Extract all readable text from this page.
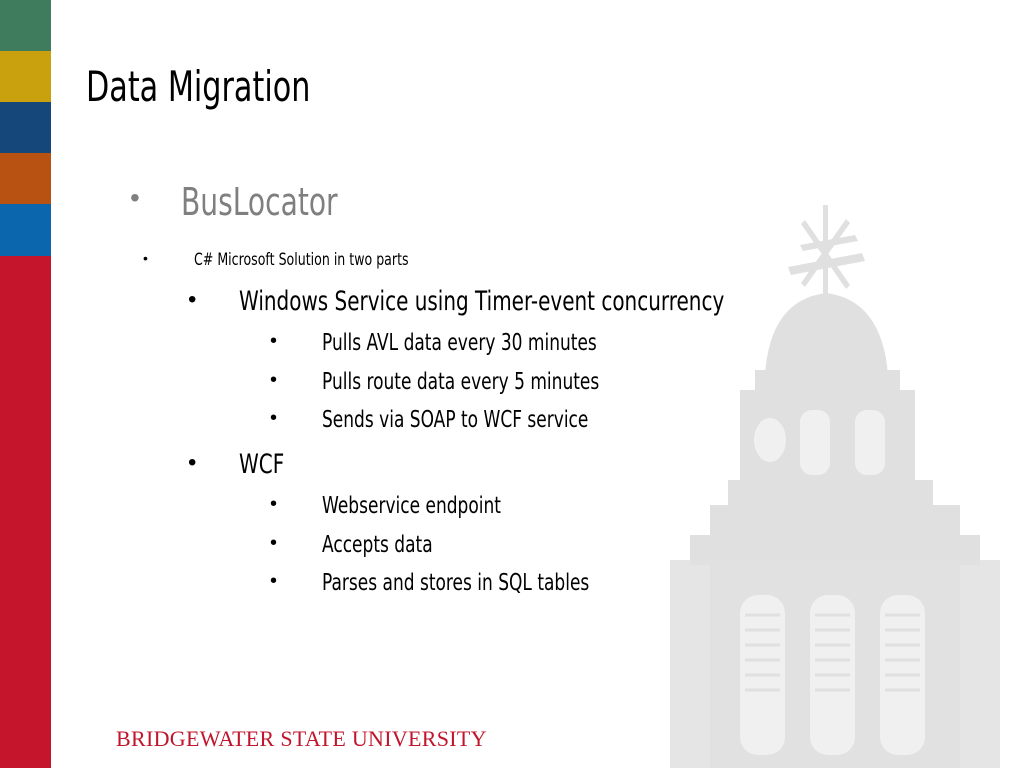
Data Migration
• BusLocator
•	C# Microsoft Solution in two parts
• Windows Service using Timer-event concurrency
• Pulls AVL data every 30 minutes
• Pulls route data every 5 minutes
• Sends via SOAP to WCF service
• WCF
• Webservice endpoint
• Accepts data
• Parses and stores in SQL tables
BRIDGEWATER STATE UNIVERSITY
